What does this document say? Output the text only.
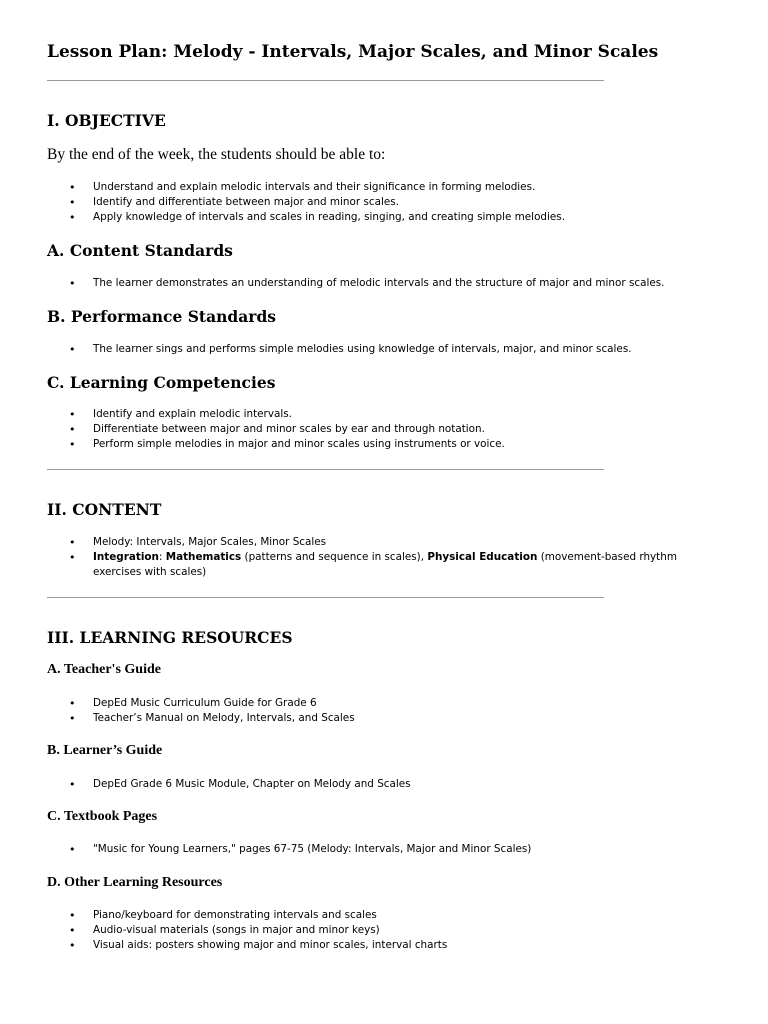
Lesson Plan: Melody - Intervals, Major Scales, and Minor Scales
I. OBJECTIVE

By the end of the week, the students should be able to:

• Understand and explain melodic intervals and their significance in forming melodies.
• Identify and differentiate between major and minor scales.
• Apply knowledge of intervals and scales in reading, singing, and creating simple melodies.
A. Content Standards
• The learner demonstrates an understanding of melodic intervals and the structure of major and minor scales.
B. Performance Standards
• The learner sings and performs simple melodies using knowledge of intervals, major, and minor scales.
C. Learning Competencies
• Identify and explain melodic intervals.
• Differentiate between major and minor scales by ear and through notation.
• Perform simple melodies in major and minor scales using instruments or voice.
II. CONTENT
• Melody: Intervals, Major Scales, Minor Scales
• Integration: Mathematics (patterns and sequence in scales), Physical Education (movement-based rhythm exercises with scales)
III. LEARNING RESOURCES
A. Teacher's Guide
• DepEd Music Curriculum Guide for Grade 6
• Teacher’s Manual on Melody, Intervals, and Scales
B. Learner’s Guide
• DepEd Grade 6 Music Module, Chapter on Melody and Scales
C. Textbook Pages
• "Music for Young Learners," pages 67-75 (Melody: Intervals, Major and Minor Scales)
D. Other Learning Resources
• Piano/keyboard for demonstrating intervals and scales
• Audio-visual materials (songs in major and minor keys)
• Visual aids: posters showing major and minor scales, interval charts
